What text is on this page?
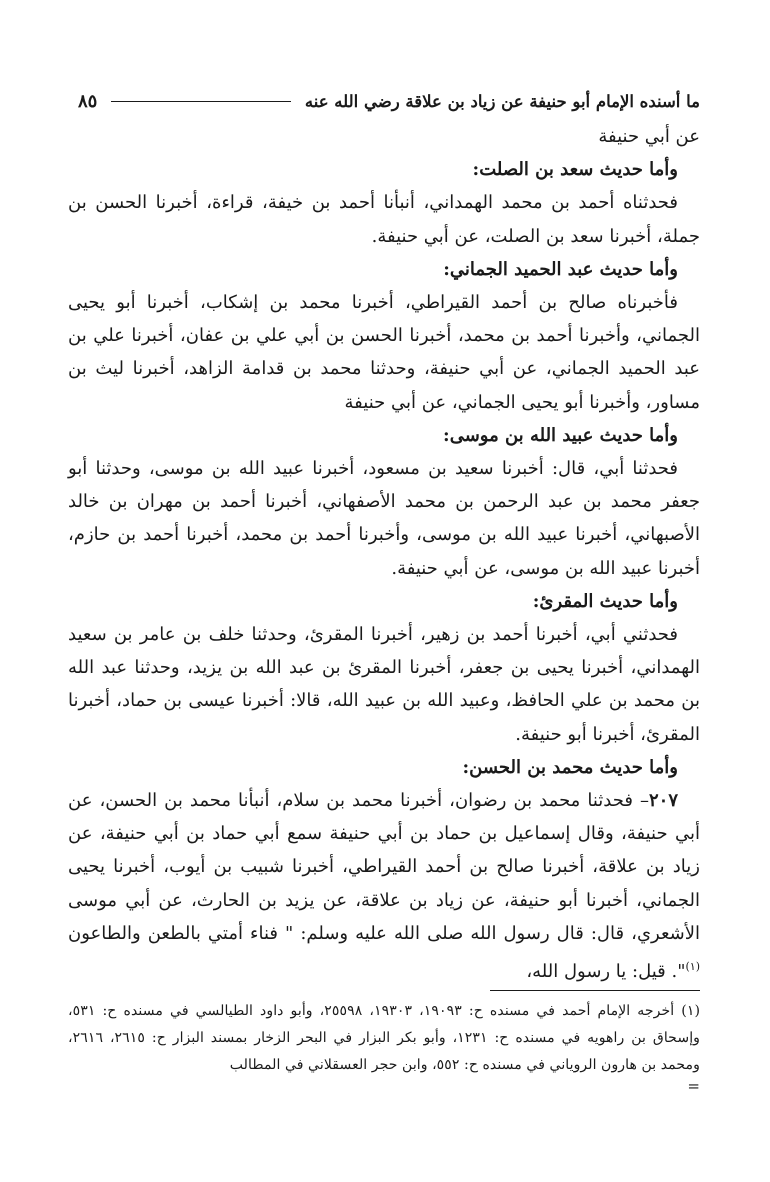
ما أسنده الإمام أبو حنيفة عن زياد بن علاقة رضي الله عنه
٨٥

عن أبي حنيفة

وأما حديث سعد بن الصلت:

فحدثناه أحمد بن محمد الهمداني، أنبأنا أحمد بن خيفة، قراءة، أخبرنا الحسن بن جملة، أخبرنا سعد بن الصلت، عن أبي حنيفة.

وأما حديث عبد الحميد الجماني:

فأخبرناه صالح بن أحمد القيراطي، أخبرنا محمد بن إشكاب، أخبرنا أبو يحيى الجماني، وأخبرنا أحمد بن محمد، أخبرنا الحسن بن أبي علي بن عفان، أخبرنا علي بن عبد الحميد الجماني، عن أبي حنيفة، وحدثنا محمد بن قدامة الزاهد، أخبرنا ليث بن مساور، وأخبرنا أبو يحيى الجماني، عن أبي حنيفة

وأما حديث عبيد الله بن موسى:

فحدثنا أبي، قال: أخبرنا سعيد بن مسعود، أخبرنا عبيد الله بن موسى، وحدثنا أبو جعفر محمد بن عبد الرحمن بن محمد الأصفهاني، أخبرنا أحمد بن مهران بن خالد الأصبهاني، أخبرنا عبيد الله بن موسى، وأخبرنا أحمد بن محمد، أخبرنا أحمد بن حازم، أخبرنا عبيد الله بن موسى، عن أبي حنيفة.

وأما حديث المقرئ:

فحدثني أبي، أخبرنا أحمد بن زهير، أخبرنا المقرئ، وحدثنا خلف بن عامر بن سعيد الهمداني، أخبرنا يحيى بن جعفر، أخبرنا المقرئ بن عبد الله بن يزيد، وحدثنا عبد الله بن محمد بن علي الحافظ، وعبيد الله بن عبيد الله، قالا: أخبرنا عيسى بن حماد، أخبرنا المقرئ، أخبرنا أبو حنيفة.

وأما حديث محمد بن الحسن:

٢٠٧– فحدثنا محمد بن رضوان، أخبرنا محمد بن سلام، أنبأنا محمد بن الحسن، عن أبي حنيفة، وقال إسماعيل بن حماد بن أبي حنيفة سمع أبي حماد بن أبي حنيفة، عن زياد بن علاقة، أخبرنا صالح بن أحمد القيراطي، أخبرنا شبيب بن أيوب، أخبرنا يحيى الجماني، أخبرنا أبو حنيفة، عن زياد بن علاقة، عن يزيد بن الحارث، عن أبي موسى الأشعري، قال: قال رسول الله صلى الله عليه وسلم: " فناء أمتي بالطعن والطاعون $^{(١)}$". قيل: يا رسول الله،

(١) أخرجه الإمام أحمد في مسنده ح: ١٩٠٩٣، ١٩٣٠٣، ٢٥٥٩٨، وأبو داود الطيالسي في مسنده ح: ٥٣١، وإسحاق بن راهويه في مسنده ح: ١٢٣١، وأبو بكر البزار في البحر الزخار بمسند البزار ح: ٢٦١٥، ٢٦١٦، ومحمد بن هارون الروياني في مسنده ح: ٥٥٢، وابن حجر العسقلاني في المطالب

=
